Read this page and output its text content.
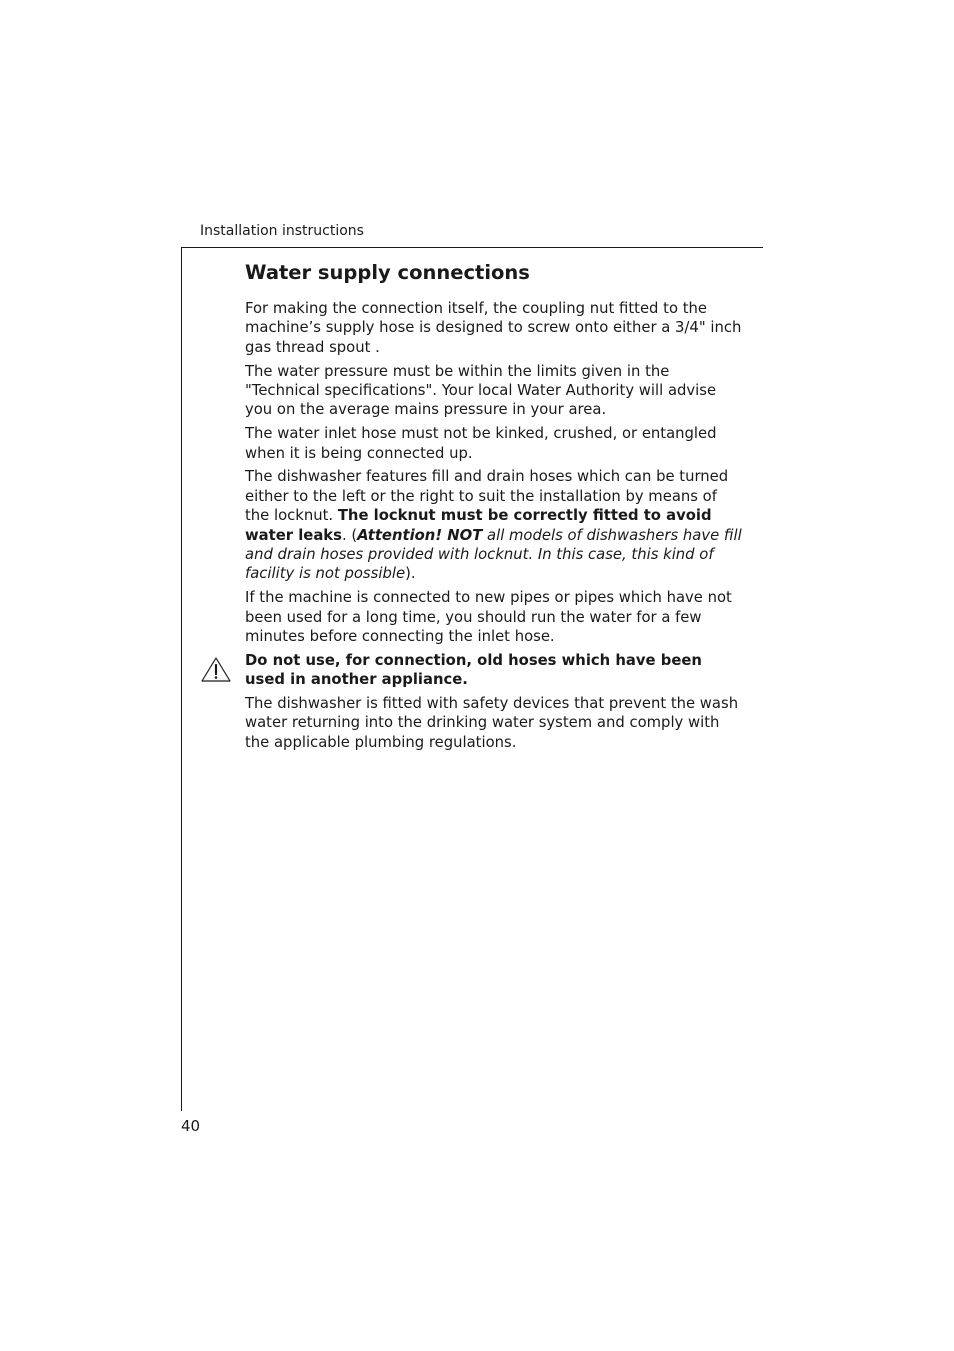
Installation instructions
Water supply connections

For making the connection itself, the coupling nut fitted to the machine’s supply hose is designed to screw onto either a 3/4" inch gas thread spout .

The water pressure must be within the limits given in the "Technical specifications". Your local Water Authority will advise you on the average mains pressure in your area.

The water inlet hose must not be kinked, crushed, or entangled when it is being connected up.

The dishwasher features fill and drain hoses which can be turned either to the left or the right to suit the installation by means of the locknut. The locknut must be correctly fitted to avoid water leaks. (Attention! NOT all models of dishwashers have fill and drain hoses provided with locknut. In this case, this kind of facility is not possible).

If the machine is connected to new pipes or pipes which have not been used for a long time, you should run the water for a few minutes before connecting the inlet hose.

Do not use, for connection, old hoses which have been used in another appliance.

The dishwasher is fitted with safety devices that prevent the wash water returning into the drinking water system and comply with the applicable plumbing regulations.

40
